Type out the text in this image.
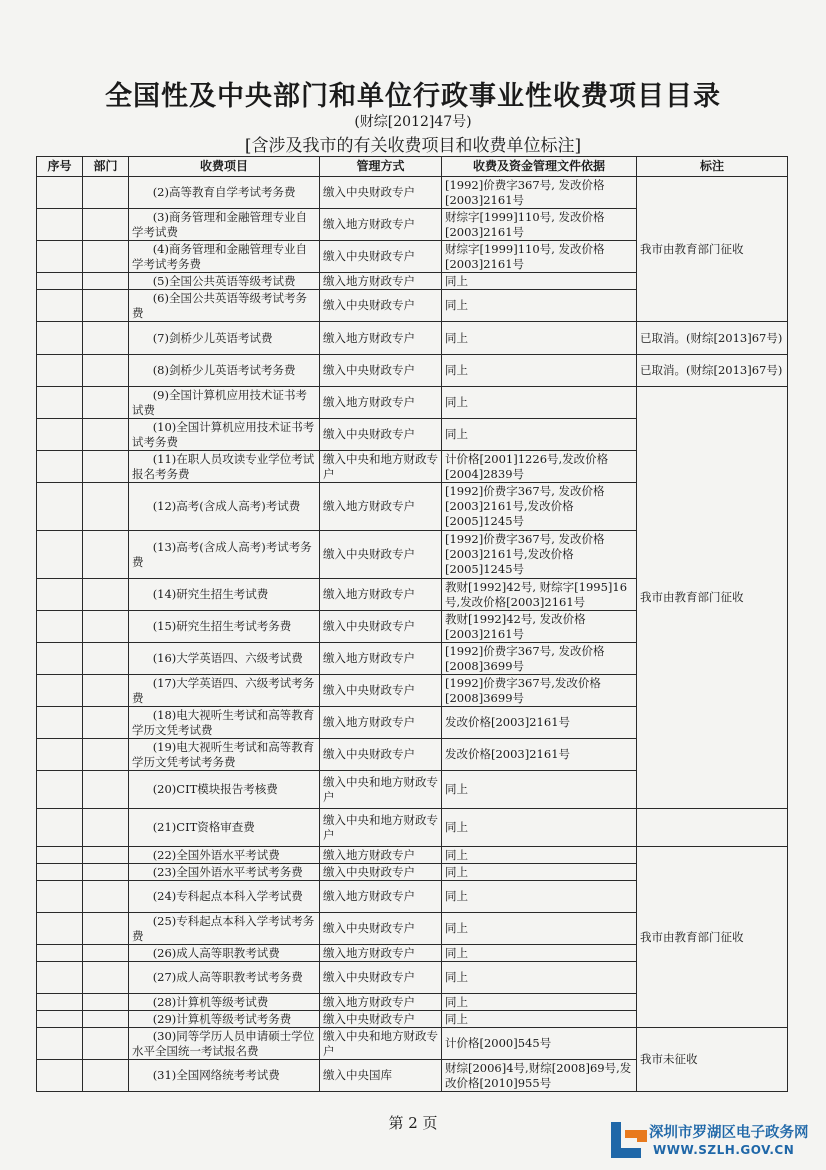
全国性及中央部门和单位行政事业性收费项目目录
(财综[2012]47号)
[含涉及我市的有关收费项目和收费单位标注]
序号	部门	收费项目	管理方式	收费及资金管理文件依据	标注	

		(2)高等教育自学考试考务费	缴入中央财政专户	[1992]价费字367号, 发改价格[2003]2161号	我市由教育部门征收	

		(3)商务管理和金融管理专业自学考试费	缴入地方财政专户	财综字[1999]110号, 发改价格[2003]2161号		

		(4)商务管理和金融管理专业自学考试考务费	缴入中央财政专户	财综字[1999]110号, 发改价格[2003]2161号		

		(5)全国公共英语等级考试费	缴入地方财政专户	同上		

		(6)全国公共英语等级考试考务费	缴入中央财政专户	同上		

		(7)剑桥少儿英语考试费	缴入地方财政专户	同上	已取消。(财综[2013]67号)	

		(8)剑桥少儿英语考试考务费	缴入中央财政专户	同上	已取消。(财综[2013]67号)	

		(9)全国计算机应用技术证书考试费	缴入地方财政专户	同上	我市由教育部门征收	

		(10)全国计算机应用技术证书考试考务费	缴入中央财政专户	同上		

		(11)在职人员攻读专业学位考试报名考务费	缴入中央和地方财政专户	计价格[2001]1226号,发改价格[2004]2839号		

		(12)高考(含成人高考)考试费	缴入地方财政专户	[1992]价费字367号, 发改价格[2003]2161号,发改价格[2005]1245号		

		(13)高考(含成人高考)考试考务费	缴入中央财政专户	[1992]价费字367号, 发改价格[2003]2161号,发改价格[2005]1245号		

		(14)研究生招生考试费	缴入地方财政专户	教财[1992]42号, 财综字[1995]16号,发改价格[2003]2161号		

		(15)研究生招生考试考务费	缴入中央财政专户	教财[1992]42号, 发改价格[2003]2161号		

		(16)大学英语四、六级考试费	缴入地方财政专户	[1992]价费字367号, 发改价格[2008]3699号		

		(17)大学英语四、六级考试考务费	缴入中央财政专户	[1992]价费字367号,发改价格[2008]3699号		

		(18)电大视听生考试和高等教育学历文凭考试费	缴入地方财政专户	发改价格[2003]2161号		

		(19)电大视听生考试和高等教育学历文凭考试考务费	缴入中央财政专户	发改价格[2003]2161号		

		(20)CIT模块报告考核费	缴入中央和地方财政专户	同上	

		(21)CIT资格审查费	缴入中央和地方财政专户	同上		

		(22)全国外语水平考试费	缴入地方财政专户	同上	我市由教育部门征收	

		(23)全国外语水平考试考务费	缴入中央财政专户	同上		

		(24)专科起点本科入学考试费	缴入地方财政专户	同上		

		(25)专科起点本科入学考试考务费	缴入中央财政专户	同上		

		(26)成人高等职教考试费	缴入地方财政专户	同上		

		(27)成人高等职教考试考务费	缴入中央财政专户	同上		

		(28)计算机等级考试费	缴入地方财政专户	同上		

		(29)计算机等级考试考务费	缴入中央财政专户	同上		

		(30)同等学历人员申请硕士学位水平全国统一考试报名费	缴入中央和地方财政专户	计价格[2000]545号	我市未征收	

		(31)全国网络统考考试费	缴入中央国库	财综[2006]4号,财综[2008]69号,发改价格[2010]955号		
第 2 页
深圳市罗湖区电子政务网
WWW.SZLH.GOV.CN
